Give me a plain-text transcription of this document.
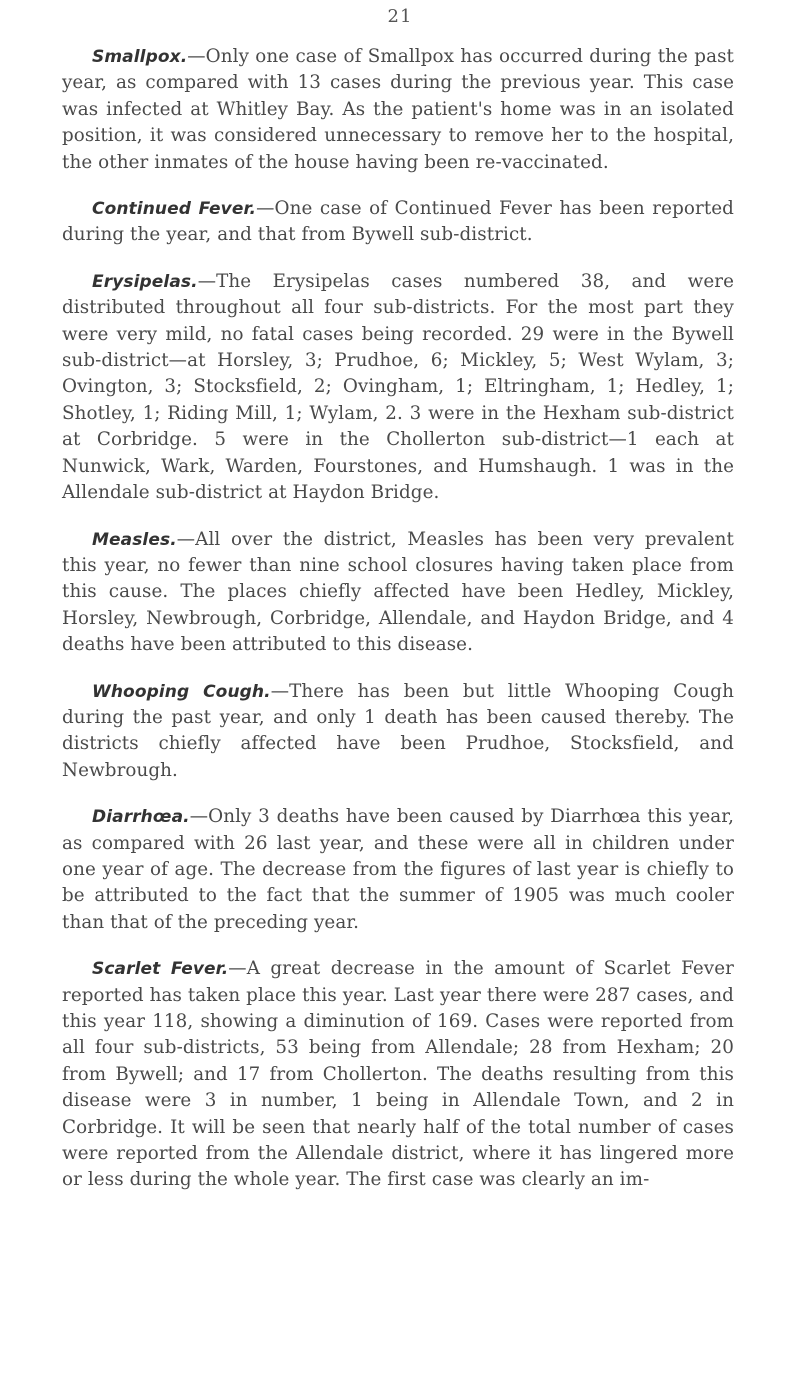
21

Smallpox.—Only one case of Smallpox has occurred during the past year, as compared with 13 cases during the previous year. This case was infected at Whitley Bay. As the patient's home was in an isolated position, it was considered unnecessary to remove her to the hospital, the other inmates of the house having been re-vaccinated.

Continued Fever.—One case of Continued Fever has been reported during the year, and that from Bywell sub-district.

Erysipelas.—The Erysipelas cases numbered 38, and were distributed throughout all four sub-districts. For the most part they were very mild, no fatal cases being recorded. 29 were in the Bywell sub-district—at Horsley, 3; Prudhoe, 6; Mickley, 5; West Wylam, 3; Ovington, 3; Stocksfield, 2; Ovingham, 1; Eltringham, 1; Hedley, 1; Shotley, 1; Riding Mill, 1; Wylam, 2. 3 were in the Hexham sub-district at Corbridge. 5 were in the Chollerton sub-district—1 each at Nunwick, Wark, Warden, Fourstones, and Humshaugh. 1 was in the Allendale sub-district at Haydon Bridge.

Measles.—All over the district, Measles has been very prevalent this year, no fewer than nine school closures having taken place from this cause. The places chiefly affected have been Hedley, Mickley, Horsley, Newbrough, Corbridge, Allendale, and Haydon Bridge, and 4 deaths have been attributed to this disease.

Whooping Cough.—There has been but little Whooping Cough during the past year, and only 1 death has been caused thereby. The districts chiefly affected have been Prudhoe, Stocksfield, and Newbrough.

Diarrhœa.—Only 3 deaths have been caused by Diarrhœa this year, as compared with 26 last year, and these were all in children under one year of age. The decrease from the figures of last year is chiefly to be attributed to the fact that the summer of 1905 was much cooler than that of the preceding year.

Scarlet Fever.—A great decrease in the amount of Scarlet Fever reported has taken place this year. Last year there were 287 cases, and this year 118, showing a diminution of 169. Cases were reported from all four sub-districts, 53 being from Allendale; 28 from Hexham; 20 from Bywell; and 17 from Chollerton. The deaths resulting from this disease were 3 in number, 1 being in Allendale Town, and 2 in Corbridge. It will be seen that nearly half of the total number of cases were reported from the Allendale district, where it has lingered more or less during the whole year. The first case was clearly an im-
